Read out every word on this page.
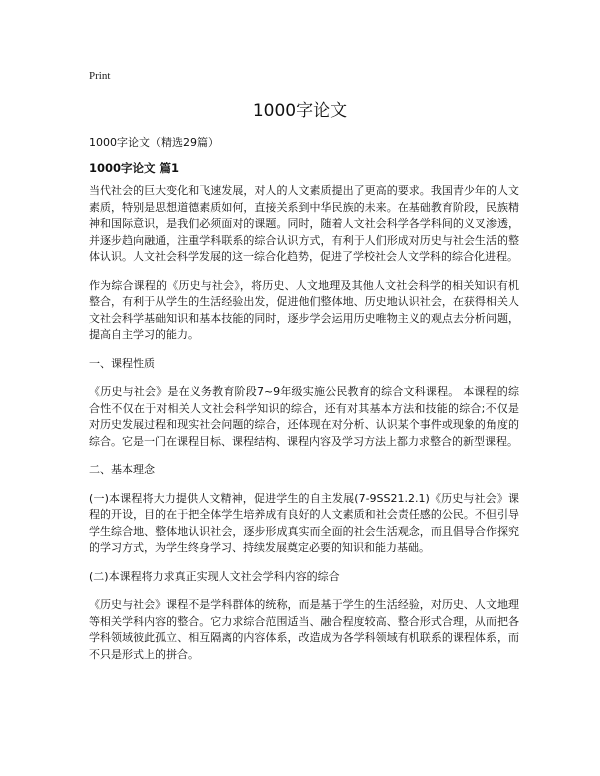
Print
1000字论文
1000字论文（精选29篇）
1000字论文 篇1

当代社会的巨大变化和飞速发展，对人的人文素质提出了更高的要求。我国青少年的人文素质，特别是思想道德素质如何，直接关系到中华民族的未来。在基础教育阶段，民族精神和国际意识，是我们必须面对的课题。同时，随着人文社会科学各学科间的义叉渗透，并逐步趋向融通，注重学科联系的综合认识方式，有利于人们形成对历史与社会生活的整体认识。人文社会科学发展的这一综合化趋势，促进了学校社会人文学科的综合化进程。

作为综合课程的《历史与社会》，将历史、人文地理及其他人文社会科学的相关知识有机整合，有利于从学生的生活经验出发，促进他们整体地、历史地认识社会，在获得相关人文社会科学基础知识和基本技能的同时，逐步学会运用历史唯物主义的观点去分析问题，提高自主学习的能力。

一、课程性质

《历史与社会》是在义务教育阶段7~9年级实施公民教育的综合文科课程。 本课程的综合性不仅在于对相关人文社会科学知识的综合，还有对其基本方法和技能的综合;不仅是对历史发展过程和现实社会问题的综合，还体现在对分析、认识某个事件或现象的角度的综合。它是一门在课程目标、课程结构、课程内容及学习方法上都力求整合的新型课程。

二、基本理念

(一)本课程将大力提供人文精神，促进学生的自主发展(7-9SS21.2.1)《历史与社会》课程的开设，目的在于把全体学生培养成有良好的人文素质和社会责任感的公民。不但引导学生综合地、整体地认识社会，逐步形成真实而全面的社会生活观念，而且倡导合作探究的学习方式，为学生终身学习、持续发展奠定必要的知识和能力基础。

(二)本课程将力求真正实现人文社会学科内容的综合

《历史与社会》课程不是学科群体的统称，而是基于学生的生活经验，对历史、人文地理等相关学科内容的整合。它力求综合范围适当、融合程度较高、整合形式合理，从而把各学科领域彼此孤立、相互隔离的内容体系，改造成为各学科领域有机联系的课程体系，而不只是形式上的拼合。
